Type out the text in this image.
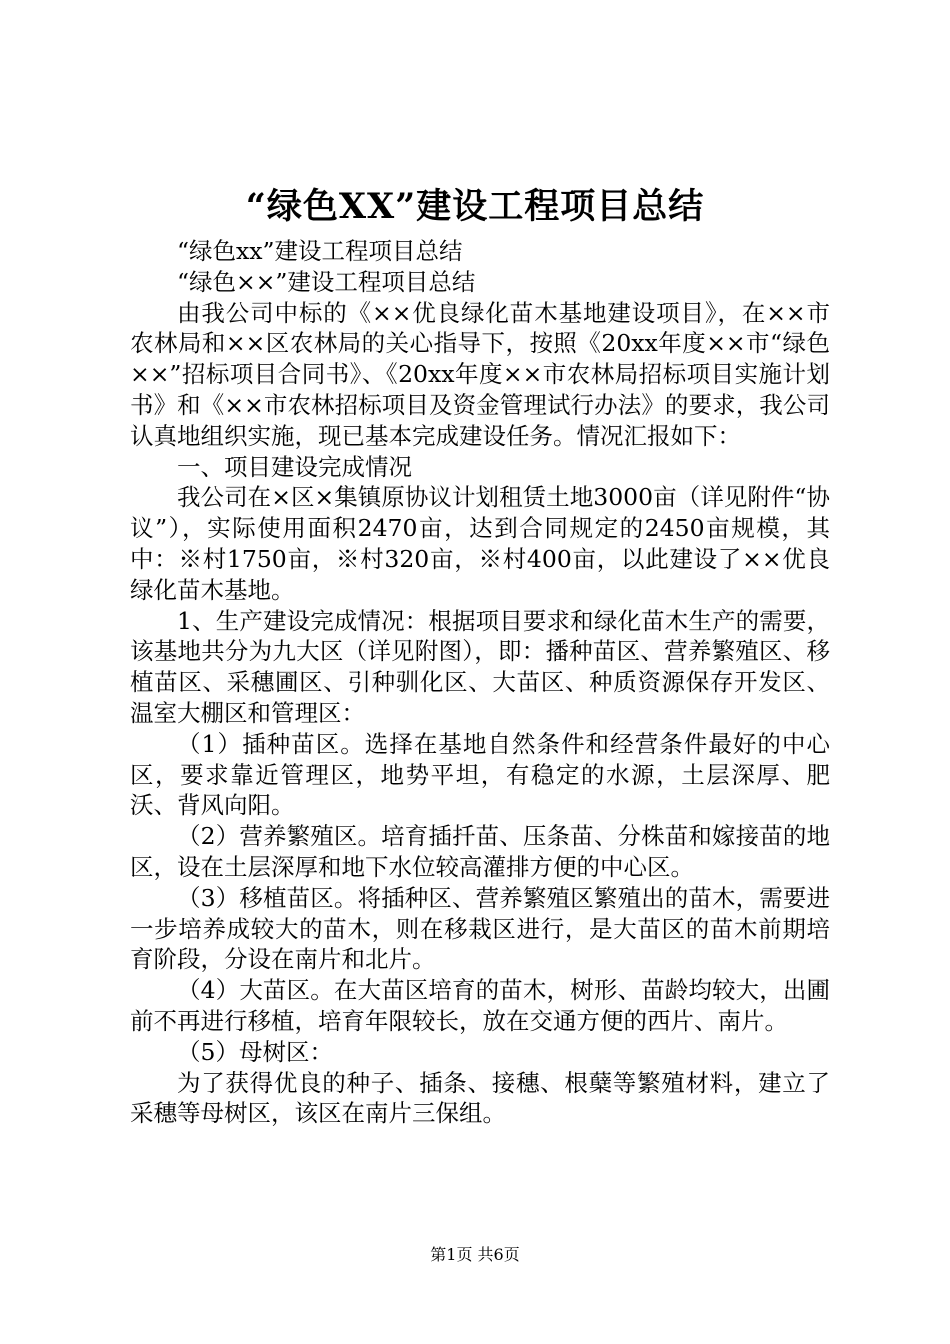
“绿色XX”建设工程项目总结

“绿色xx”建设工程项目总结

“绿色××”建设工程项目总结

由我公司中标的《××优良绿化苗木基地建设项目》，在××市农林局和××区农林局的关心指导下，按照《20xx年度××市“绿色××”招标项目合同书》、《20xx年度××市农林局招标项目实施计划书》和《××市农林招标项目及资金管理试行办法》的要求，我公司认真地组织实施，现已基本完成建设任务。情况汇报如下：

一、项目建设完成情况

我公司在×区×集镇原协议计划租赁土地3000亩（详见附件“协议”），实际使用面积2470亩，达到合同规定的2450亩规模，其中：※村1750亩，※村320亩，※村400亩，以此建设了××优良绿化苗木基地。

1、生产建设完成情况：根据项目要求和绿化苗木生产的需要，该基地共分为九大区（详见附图），即：播种苗区、营养繁殖区、移植苗区、采穗圃区、引种驯化区、大苗区、种质资源保存开发区、温室大棚区和管理区：

（1）插种苗区。选择在基地自然条件和经营条件最好的中心区，要求靠近管理区，地势平坦，有稳定的水源，土层深厚、肥沃、背风向阳。

（2）营养繁殖区。培育插扦苗、压条苗、分株苗和嫁接苗的地区，设在土层深厚和地下水位较高灌排方便的中心区。

（3）移植苗区。将插种区、营养繁殖区繁殖出的苗木，需要进一步培养成较大的苗木，则在移栽区进行，是大苗区的苗木前期培育阶段，分设在南片和北片。

（4）大苗区。在大苗区培育的苗木，树形、苗龄均较大，出圃前不再进行移植，培育年限较长，放在交通方便的西片、南片。

（5）母树区：

为了获得优良的种子、插条、接穗、根蘖等繁殖材料，建立了采穗等母树区，该区在南片三保组。

第1页 共6页
